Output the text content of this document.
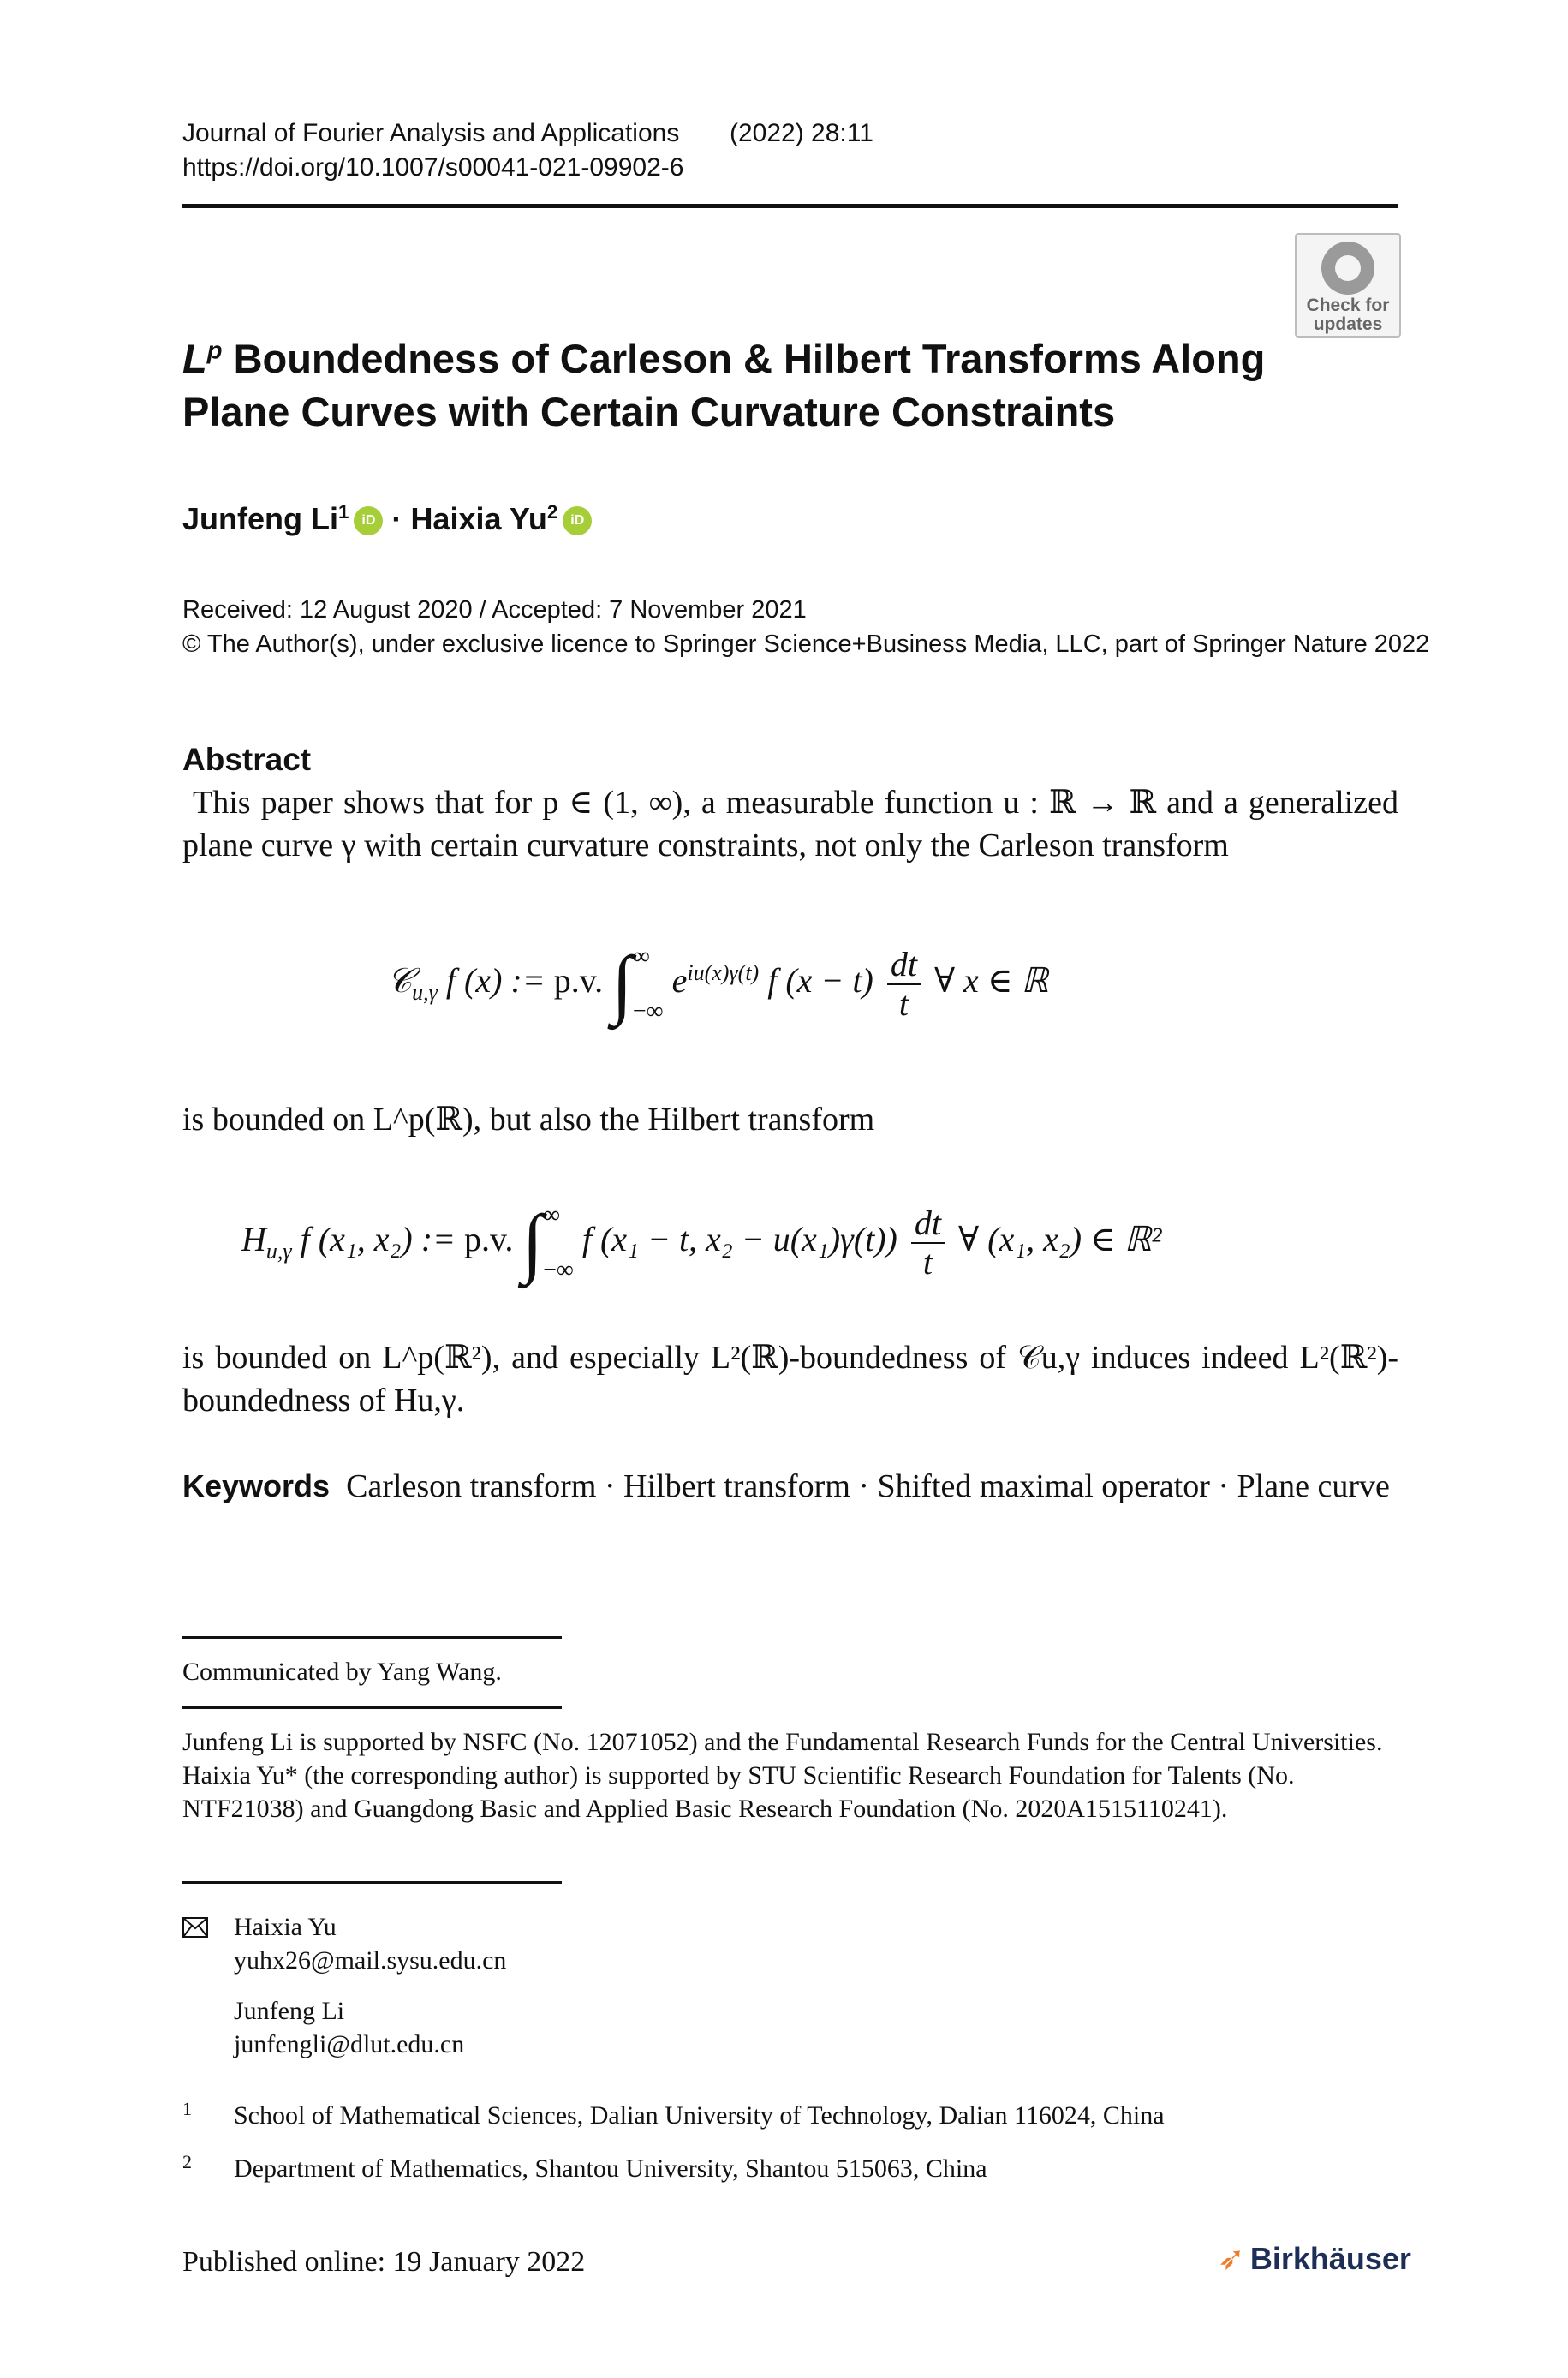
Journal of Fourier Analysis and Applications (2022) 28:11
https://doi.org/10.1007/s00041-021-09902-6
Check for
updates
$L^p$ Boundedness of Carleson & Hilbert Transforms Along
Plane Curves with Certain Curvature Constraints
Junfeng Li$^1$ iD · Haixia Yu$^2$ iD
Received: 12 August 2020 / Accepted: 7 November 2021
© The Author(s), under exclusive licence to Springer Science+Business Media, LLC, part of Springer Nature 2022
Abstract
This paper shows that for p ∈ (1, ∞), a measurable function u : ℝ → ℝ and a generalized plane curve γ with certain curvature constraints, not only the Carleson transform
𝒞$_{u,\gamma}$ f (x) := p.v. ∫ ∞
−∞
$e^{iu(x)\gamma(t)}$ f $(x - t) \frac{dt}{t}$ ∀ x ∈ ℝ
is bounded on L^p(ℝ), but also the Hilbert transform
$H_{u,\gamma}$ f (x₁, x₂) := p.v. ∫ ∞
−∞
f (x₁ − t, $x_2 - u(x_1)\gamma(t)) \frac{dt}{t}$ ∀ (x₁, x₂) ∈ ℝ²
is bounded on L^p(ℝ²), and especially L²(ℝ)-boundedness of 𝒞u,γ induces indeed L²(ℝ²)-boundedness of Hu,γ.
Keywords Carleson transform · Hilbert transform · Shifted maximal operator · Plane curve
Communicated by Yang Wang.
Junfeng Li is supported by NSFC (No. 12071052) and the Fundamental Research Funds for the Central Universities. Haixia Yu* (the corresponding author) is supported by STU Scientific Research Foundation for Talents (No. NTF21038) and Guangdong Basic and Applied Basic Research Foundation (No. 2020A1515110241).
Haixia Yu
yuhx26@mail.sysu.edu.cn
Junfeng Li
junfengli@dlut.edu.cn
1 School of Mathematical Sciences, Dalian University of Technology, Dalian 116024, China
2 Department of Mathematics, Shantou University, Shantou 515063, China
Published online: 19 January 2022	➶ Birkhäuser
